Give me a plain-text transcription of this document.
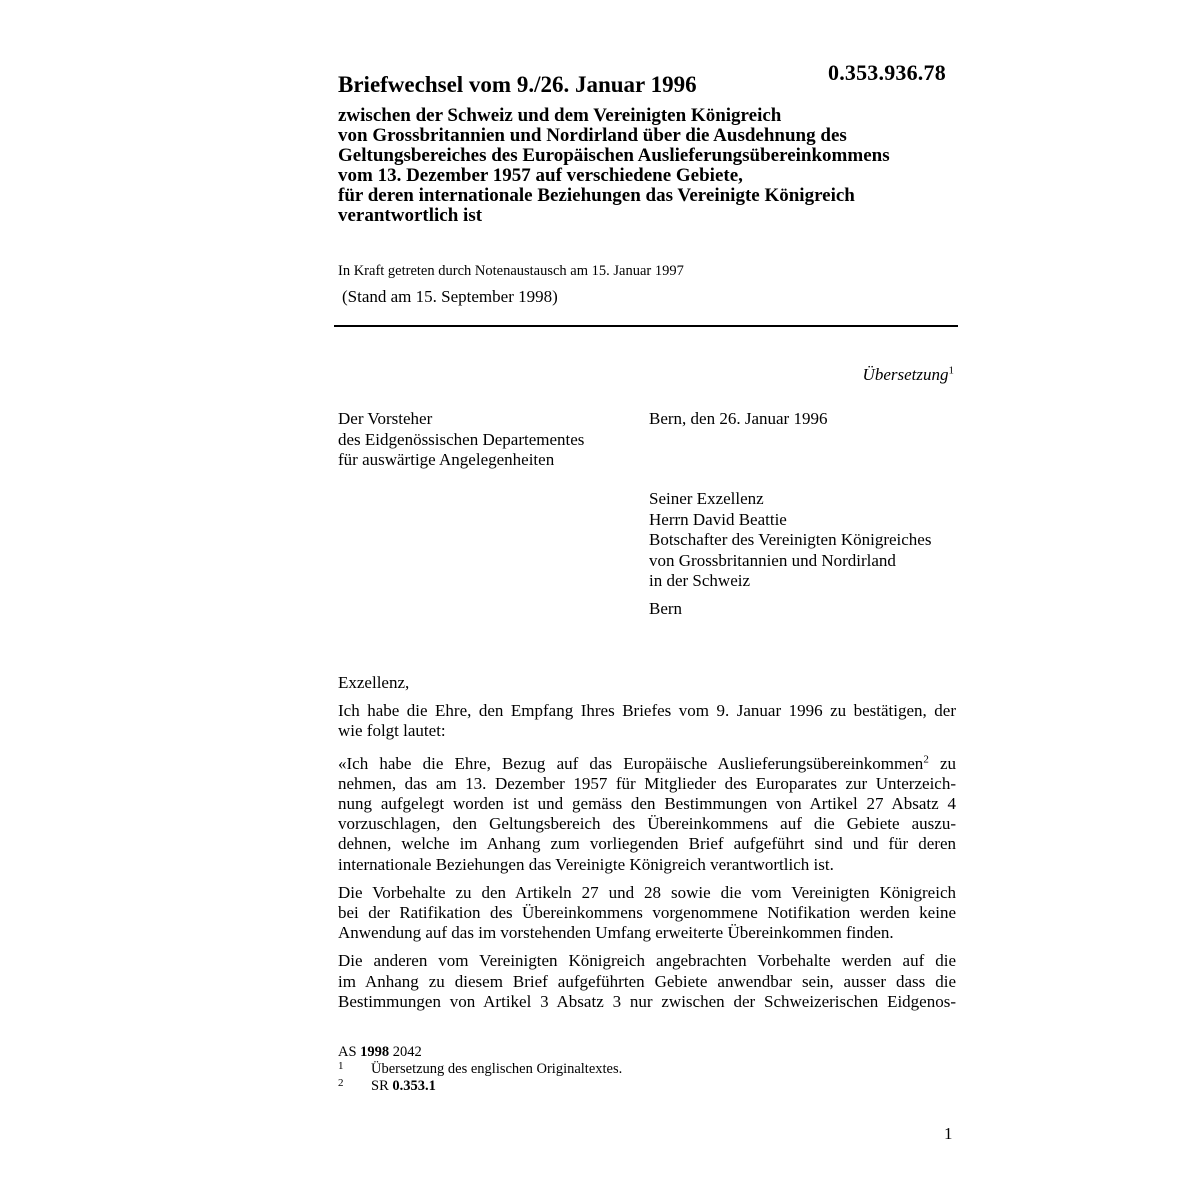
0.353.936.78
Briefwechsel vom 9./26. Januar 1996
zwischen der Schweiz und dem Vereinigten Königreich
von Grossbritannien und Nordirland über die Ausdehnung des
Geltungsbereiches des Europäischen Auslieferungsübereinkommens
vom 13. Dezember 1957 auf verschiedene Gebiete,
für deren internationale Beziehungen das Vereinigte Königreich
verantwortlich ist
In Kraft getreten durch Notenaustausch am 15. Januar 1997
(Stand am 15. September 1998)
Übersetzung$^1$
Der Vorsteher
des Eidgenössischen Departementes
für auswärtige Angelegenheiten
Bern, den 26. Januar 1996
Seiner Exzellenz
Herrn David Beattie
Botschafter des Vereinigten Königreiches
von Grossbritannien und Nordirland
in der Schweiz
Bern
Exzellenz,

Ich habe die Ehre, den Empfang Ihres Briefes vom 9. Januar 1996 zu bestätigen, der
wie folgt lautet:

«Ich habe die Ehre, Bezug auf das Europäische Auslieferungsübereinkommen$^2$ zu
nehmen, das am 13. Dezember 1957 für Mitglieder des Europarates zur Unterzeich-
nung aufgelegt worden ist und gemäss den Bestimmungen von Artikel 27 Absatz 4
vorzuschlagen, den Geltungsbereich des Übereinkommens auf die Gebiete auszu-
dehnen, welche im Anhang zum vorliegenden Brief aufgeführt sind und für deren
internationale Beziehungen das Vereinigte Königreich verantwortlich ist.

Die Vorbehalte zu den Artikeln 27 und 28 sowie die vom Vereinigten Königreich
bei der Ratifikation des Übereinkommens vorgenommene Notifikation werden keine
Anwendung auf das im vorstehenden Umfang erweiterte Übereinkommen finden.

Die anderen vom Vereinigten Königreich angebrachten Vorbehalte werden auf die
im Anhang zu diesem Brief aufgeführten Gebiete anwendbar sein, ausser dass die
Bestimmungen von Artikel 3 Absatz 3 nur zwischen der Schweizerischen Eidgenos-

AS 1998 2042
1	Übersetzung des englischen Originaltextes.
2	SR 0.353.1
1
